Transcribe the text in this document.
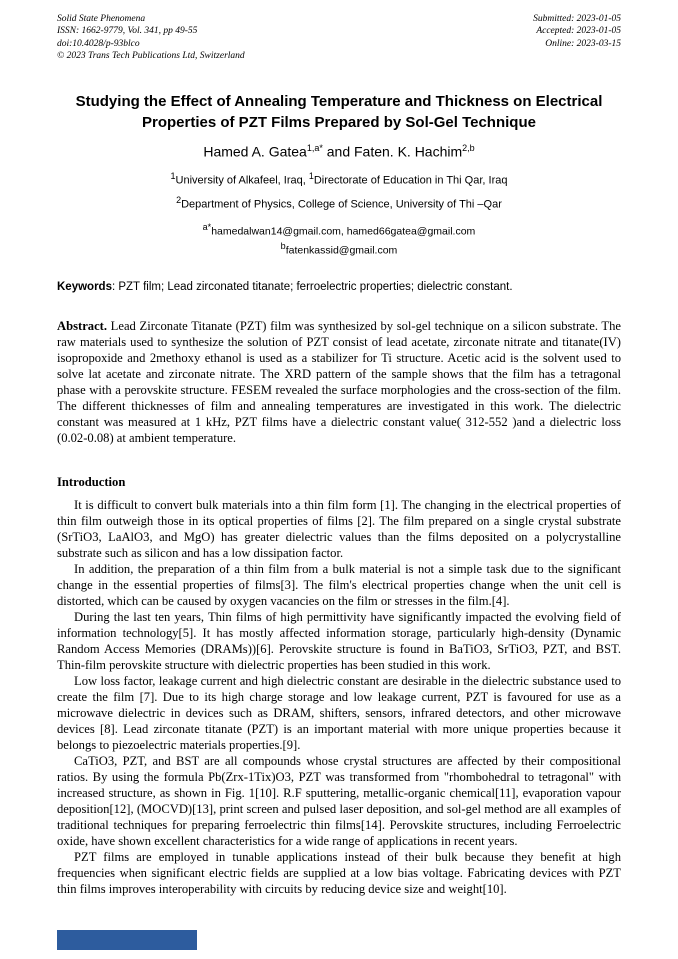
Solid State Phenomena
ISSN: 1662-9779, Vol. 341, pp 49-55
doi:10.4028/p-93blco
© 2023 Trans Tech Publications Ltd, Switzerland
Submitted: 2023-01-05
Accepted: 2023-01-05
Online: 2023-03-15
Studying the Effect of Annealing Temperature and Thickness on Electrical Properties of PZT Films Prepared by Sol-Gel Technique
Hamed A. Gatea$^{1,a*}$ and Faten. K. Hachim$^{2,b}$
$^1$University of Alkafeel, Iraq, $^1$Directorate of Education in Thi Qar, Iraq
$^2$Department of Physics, College of Science, University of Thi –Qar
$^{a*}$hamedalwan14@gmail.com, hamed66gatea@gmail.com
$^b$fatenkassid@gmail.com
Keywords: PZT film; Lead zirconated titanate; ferroelectric properties; dielectric constant.
Abstract. Lead Zirconate Titanate (PZT) film was synthesized by sol-gel technique on a silicon substrate. The raw materials used to synthesize the solution of PZT consist of lead acetate, zirconate nitrate and titanate(IV) isopropoxide and 2methoxy ethanol is used as a stabilizer for Ti structure. Acetic acid is the solvent used to solve lat acetate and zirconate nitrate. The XRD pattern of the sample shows that the film has a tetragonal phase with a perovskite structure. FESEM revealed the surface morphologies and the cross-section of the film. The different thicknesses of film and annealing temperatures are investigated in this work. The dielectric constant was measured at 1 kHz, PZT films have a dielectric constant value( 312-552 )and a dielectric loss (0.02-0.08) at ambient temperature.
Introduction

It is difficult to convert bulk materials into a thin film form [1]. The changing in the electrical properties of thin film outweigh those in its optical properties of films [2]. The film prepared on a single crystal substrate (SrTiO3, LaAlO3, and MgO) has greater dielectric values than the films deposited on a polycrystalline substrate such as silicon and has a low dissipation factor.

In addition, the preparation of a thin film from a bulk material is not a simple task due to the significant change in the essential properties of films[3]. The film's electrical properties change when the unit cell is distorted, which can be caused by oxygen vacancies on the film or stresses in the film.[4].

During the last ten years, Thin films of high permittivity have significantly impacted the evolving field of information technology[5]. It has mostly affected information storage, particularly high-density (Dynamic Random Access Memories (DRAMs))[6]. Perovskite structure is found in BaTiO3, SrTiO3, PZT, and BST. Thin-film perovskite structure with dielectric properties has been studied in this work.

Low loss factor, leakage current and high dielectric constant are desirable in the dielectric substance used to create the film [7]. Due to its high charge storage and low leakage current, PZT is favoured for use as a microwave dielectric in devices such as DRAM, shifters, sensors, infrared detectors, and other microwave devices [8]. Lead zirconate titanate (PZT) is an important material with more unique properties because it belongs to piezoelectric materials properties.[9].

CaTiO3, PZT, and BST are all compounds whose crystal structures are affected by their compositional ratios. By using the formula Pb(Zrx-1Tix)O3, PZT was transformed from "rhombohedral to tetragonal" with increased structure, as shown in Fig. 1[10]. R.F sputtering, metallic-organic chemical[11], evaporation vapour deposition[12], (MOCVD)[13], print screen and pulsed laser deposition, and sol-gel method are all examples of traditional techniques for preparing ferroelectric thin films[14]. Perovskite structures, including Ferroelectric oxide, have shown excellent characteristics for a wide range of applications in recent years.

PZT films are employed in tunable applications instead of their bulk because they benefit at high frequencies when significant electric fields are supplied at a low bias voltage. Fabricating devices with PZT thin films improves interoperability with circuits by reducing device size and weight[10].
